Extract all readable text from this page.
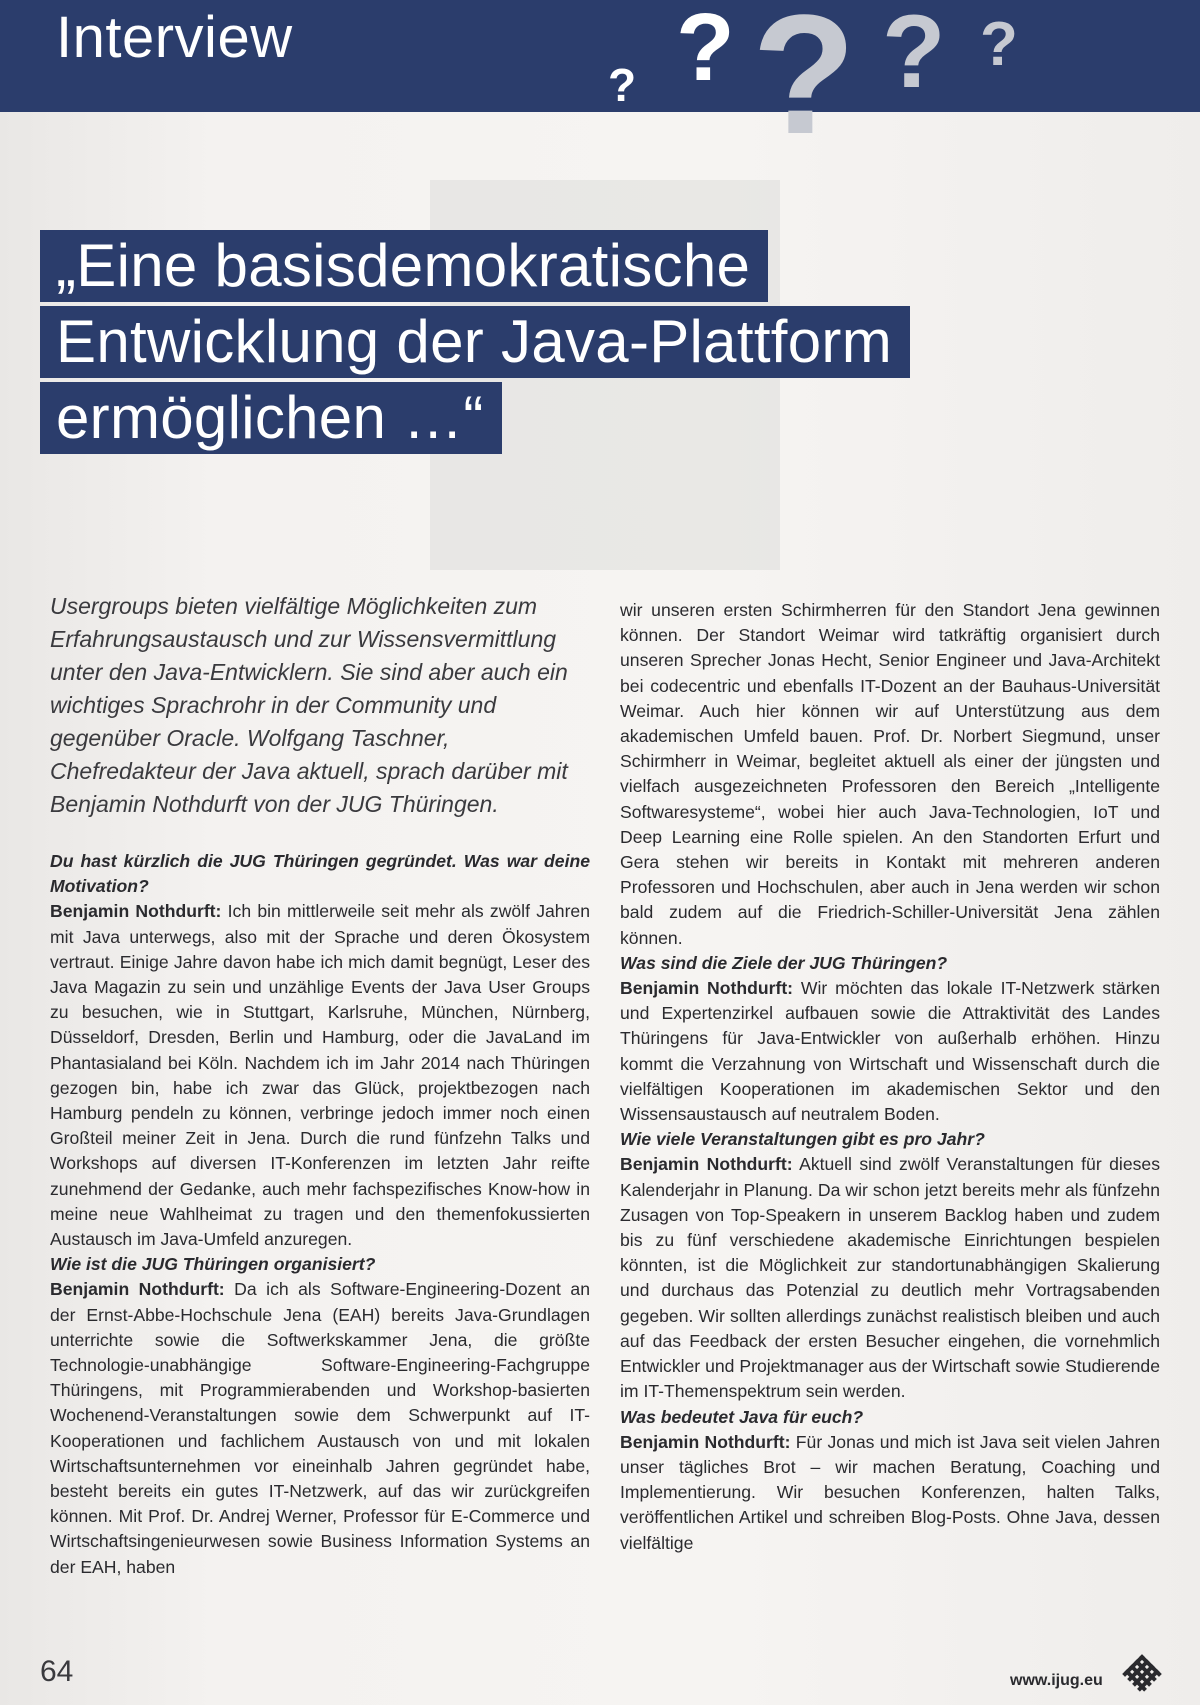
Interview
? ? ? ? ?
„Eine basisdemokratische
Entwicklung der Java-Plattform
ermöglichen …“

Usergroups bieten vielfältige Möglichkeiten zum Erfahrungsaustausch und zur Wissensvermittlung unter den Java-Entwicklern. Sie sind aber auch ein wichtiges Sprachrohr in der Community und gegenüber Oracle. Wolfgang Taschner, Chefredakteur der Java aktuell, sprach darüber mit Benjamin Nothdurft von der JUG Thüringen.

Du hast kürzlich die JUG Thüringen gegründet. Was war deine Motivation?

Benjamin Nothdurft: Ich bin mittlerweile seit mehr als zwölf Jahren mit Java unterwegs, also mit der Sprache und deren Ökosystem vertraut. Einige Jahre davon habe ich mich damit begnügt, Leser des Java Magazin zu sein und unzählige Events der Java User Groups zu besuchen, wie in Stuttgart, Karlsruhe, München, Nürnberg, Düsseldorf, Dresden, Berlin und Hamburg, oder die JavaLand im Phantasialand bei Köln. Nachdem ich im Jahr 2014 nach Thüringen gezogen bin, habe ich zwar das Glück, projektbezogen nach Hamburg pendeln zu können, verbringe jedoch immer noch einen Großteil meiner Zeit in Jena. Durch die rund fünfzehn Talks und Workshops auf diversen IT-Konferenzen im letzten Jahr reifte zunehmend der Gedanke, auch mehr fachspezifisches Know-how in meine neue Wahlheimat zu tragen und den themenfokussierten Austausch im Java-Umfeld anzuregen.

Wie ist die JUG Thüringen organisiert?

Benjamin Nothdurft: Da ich als Software-Engineering-Dozent an der Ernst-Abbe-Hochschule Jena (EAH) bereits Java-Grundlagen unterrichte sowie die Softwerkskammer Jena, die größte Technologie-unabhängige Software-Engineering-Fachgruppe Thüringens, mit Programmierabenden und Workshop-basierten Wochenend-Veranstaltungen sowie dem Schwerpunkt auf IT-Kooperationen und fachlichem Austausch von und mit lokalen Wirtschaftsunternehmen vor eineinhalb Jahren gegründet habe, besteht bereits ein gutes IT-Netzwerk, auf das wir zurückgreifen können. Mit Prof. Dr. Andrej Werner, Professor für E-Commerce und Wirtschaftsingenieurwesen sowie Business Information Systems an der EAH, haben

wir unseren ersten Schirmherren für den Standort Jena gewinnen können. Der Standort Weimar wird tatkräftig organisiert durch unseren Sprecher Jonas Hecht, Senior Engineer und Java-Architekt bei codecentric und ebenfalls IT-Dozent an der Bauhaus-Universität Weimar. Auch hier können wir auf Unterstützung aus dem akademischen Umfeld bauen. Prof. Dr. Norbert Siegmund, unser Schirmherr in Weimar, begleitet aktuell als einer der jüngsten und vielfach ausgezeichneten Professoren den Bereich „Intelligente Softwaresysteme“, wobei hier auch Java-Technologien, IoT und Deep Learning eine Rolle spielen. An den Standorten Erfurt und Gera stehen wir bereits in Kontakt mit mehreren anderen Professoren und Hochschulen, aber auch in Jena werden wir schon bald zudem auf die Friedrich-Schiller-Universität Jena zählen können.

Was sind die Ziele der JUG Thüringen?

Benjamin Nothdurft: Wir möchten das lokale IT-Netzwerk stärken und Expertenzirkel aufbauen sowie die Attraktivität des Landes Thüringens für Java-Entwickler von außerhalb erhöhen. Hinzu kommt die Verzahnung von Wirtschaft und Wissenschaft durch die vielfältigen Kooperationen im akademischen Sektor und den Wissensaustausch auf neutralem Boden.

Wie viele Veranstaltungen gibt es pro Jahr?

Benjamin Nothdurft: Aktuell sind zwölf Veranstaltungen für dieses Kalenderjahr in Planung. Da wir schon jetzt bereits mehr als fünfzehn Zusagen von Top-Speakern in unserem Backlog haben und zudem bis zu fünf verschiedene akademische Einrichtungen bespielen könnten, ist die Möglichkeit zur standortunabhängigen Skalierung und durchaus das Potenzial zu deutlich mehr Vortragsabenden gegeben. Wir sollten allerdings zunächst realistisch bleiben und auch auf das Feedback der ersten Besucher eingehen, die vornehmlich Entwickler und Projektmanager aus der Wirtschaft sowie Studierende im IT-Themenspektrum sein werden.

Was bedeutet Java für euch?

Benjamin Nothdurft: Für Jonas und mich ist Java seit vielen Jahren unser tägliches Brot – wir machen Beratung, Coaching und Implementierung. Wir besuchen Konferenzen, halten Talks, veröffentlichen Artikel und schreiben Blog-Posts. Ohne Java, dessen vielfältige

64	www.ijug.eu
